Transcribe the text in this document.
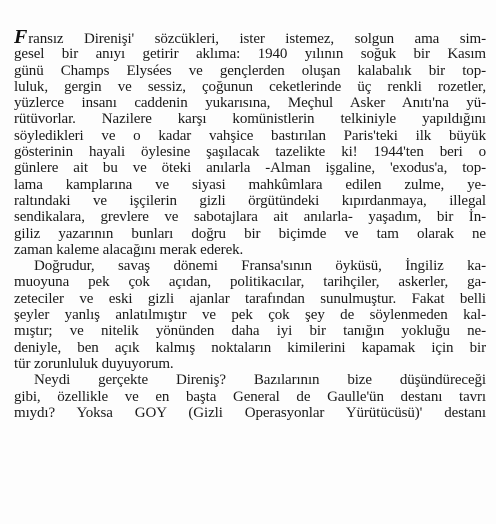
Fransız Direnişi' sözcükleri, ister istemez, solgun ama sim-
gesel bir anıyı getirir aklıma: 1940 yılının soğuk bir Kasım
günü Champs Elysées ve gençlerden oluşan kalabalık bir top-
luluk, gergin ve sessiz, çoğunun ceketlerinde üç renkli rozetler,
yüzlerce insanı caddenin yukarısına, Meçhul Asker Anıtı'na yü-
rütüvorlar. Nazilere karşı komünistlerin telkiniyle yapıldığını
söyledikleri ve o kadar vahşice bastırılan Paris'teki ilk büyük
gösterinin hayali öylesine şaşılacak tazelikte ki! 1944'ten beri o
günlere ait bu ve öteki anılarla -Alman işgaline, 'exodus'a, top-
lama kamplarına ve siyasi mahkûmlara edilen zulme, ye-
raltındaki ve işçilerin gizli örgütündeki kıpırdanmaya, illegal
sendikalara, grevlere ve sabotajlara ait anılarla- yaşadım, bir İn-
giliz yazarının bunları doğru bir biçimde ve tam olarak ne
zaman kaleme alacağını merak ederek.
Doğrudur, savaş dönemi Fransa'sının öyküsü, İngiliz ka-
muoyuna pek çok açıdan, politikacılar, tarihçiler, askerler, ga-
zeteciler ve eski gizli ajanlar tarafından sunulmuştur. Fakat belli
şeyler yanlış anlatılmıştır ve pek çok şey de söylenmeden kal-
mıştır; ve nitelik yönünden daha iyi bir tanığın yokluğu ne-
deniyle, ben açık kalmış noktaların kimilerini kapamak için bir
tür zorunluluk duyuyorum.
Neydi gerçekte Direniş? Bazılarının bize düşündüreceği
gibi, özellikle ve en başta General de Gaulle'ün destanı tavrı
mıydı? Yoksa GOY (Gizli Operasyonlar Yürütücüsü)' destanı
